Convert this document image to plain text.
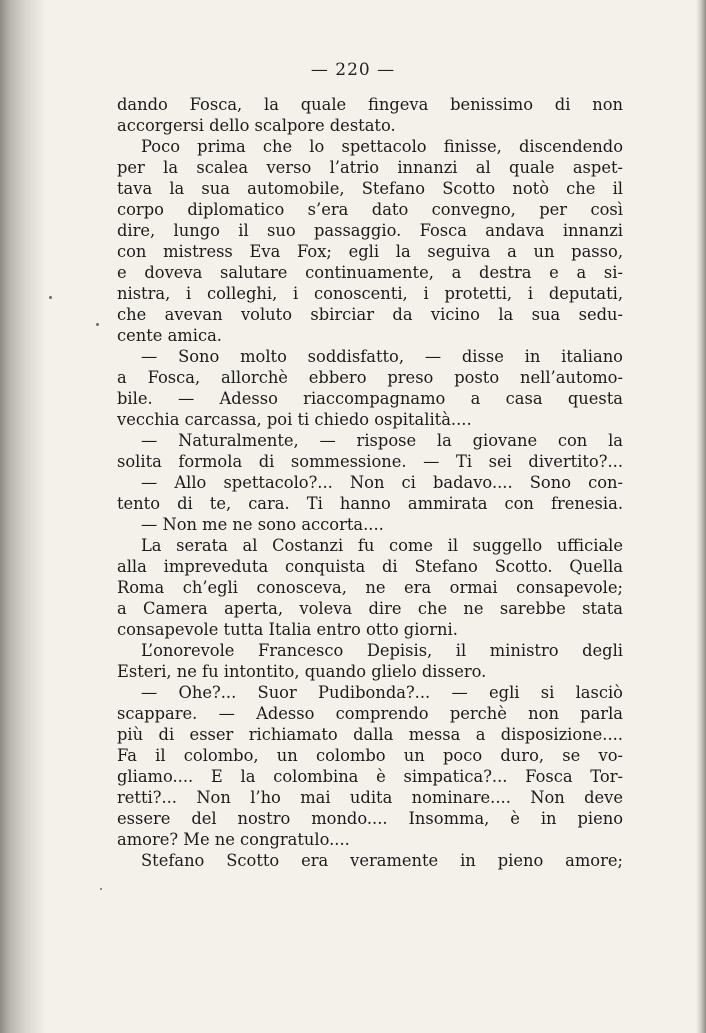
— 220 —
dando Fosca, la quale fingeva benissimo di non
accorgersi dello scalpore destato.
Poco prima che lo spettacolo finisse, discendendo
per la scalea verso l’atrio innanzi al quale aspet-
tava la sua automobile, Stefano Scotto notò che il
corpo diplomatico s’era dato convegno, per così
dire, lungo il suo passaggio. Fosca andava innanzi
con mistress Eva Fox; egli la seguiva a un passo,
e doveva salutare continuamente, a destra e a si-
nistra, i colleghi, i conoscenti, i protetti, i deputati,
che avevan voluto sbirciar da vicino la sua sedu-
cente amica.
— Sono molto soddisfatto, — disse in italiano
a Fosca, allorchè ebbero preso posto nell’automo-
bile. — Adesso riaccompagnamo a casa questa
vecchia carcassa, poi ti chiedo ospitalità....
— Naturalmente, — rispose la giovane con la
solita formola di sommessione. — Ti sei divertito?...
— Allo spettacolo?... Non ci badavo.... Sono con-
tento di te, cara. Ti hanno ammirata con frenesia.
— Non me ne sono accorta....
La serata al Costanzi fu come il suggello ufficiale
alla impreveduta conquista di Stefano Scotto. Quella
Roma ch’egli conosceva, ne era ormai consapevole;
a Camera aperta, voleva dire che ne sarebbe stata
consapevole tutta Italia entro otto giorni.
L’onorevole Francesco Depisis, il ministro degli
Esteri, ne fu intontito, quando glielo dissero.
— Ohe?... Suor Pudibonda?... — egli si lasciò
scappare. — Adesso comprendo perchè non parla
più di esser richiamato dalla messa a disposizione....
Fa il colombo, un colombo un poco duro, se vo-
gliamo.... E la colombina è simpatica?... Fosca Tor-
retti?... Non l’ho mai udita nominare.... Non deve
essere del nostro mondo.... Insomma, è in pieno
amore? Me ne congratulo....
Stefano Scotto era veramente in pieno amore;
